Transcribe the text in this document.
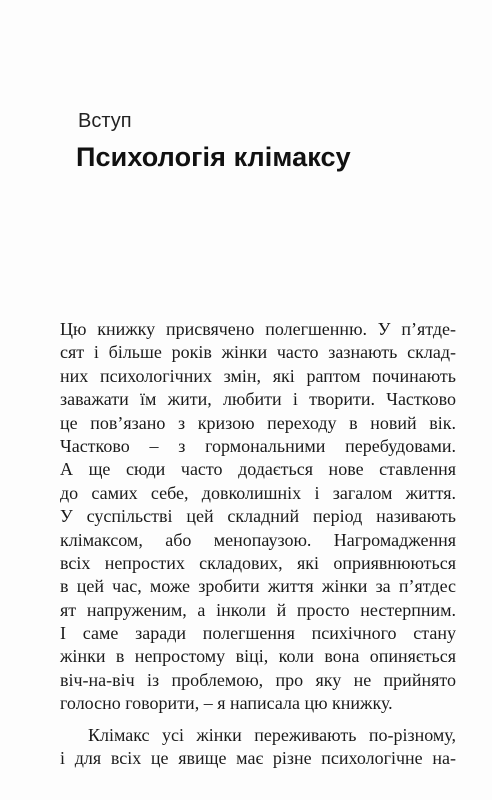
Вступ
Психологія клімаксу
Цю книжку присвячено полегшенню. У п’ятде-
сят і більше років жінки часто зазнають склад-
них психологічних змін, які раптом починають
заважати їм жити, любити і творити. Частково
це пов’язано з кризою переходу в новий вік.
Частково – з гормональними перебудовами.
А ще сюди часто додається нове ставлення
до самих себе, довколишніх і загалом життя.
У суспільстві цей складний період називають
клімаксом, або менопаузою. Нагромадження
всіх непростих складових, які оприявнюються
в цей час, може зробити життя жінки за п’ятдес
ят напруженим, а інколи й просто нестерпним.
І саме заради полегшення психічного стану
жінки в непростому віці, коли вона опиняється
віч-на-віч із проблемою, про яку не прийнято
голосно говорити, – я написала цю книжку.
Клімакс усі жінки переживають по-різному,
і для всіх це явище має різне психологічне на-
